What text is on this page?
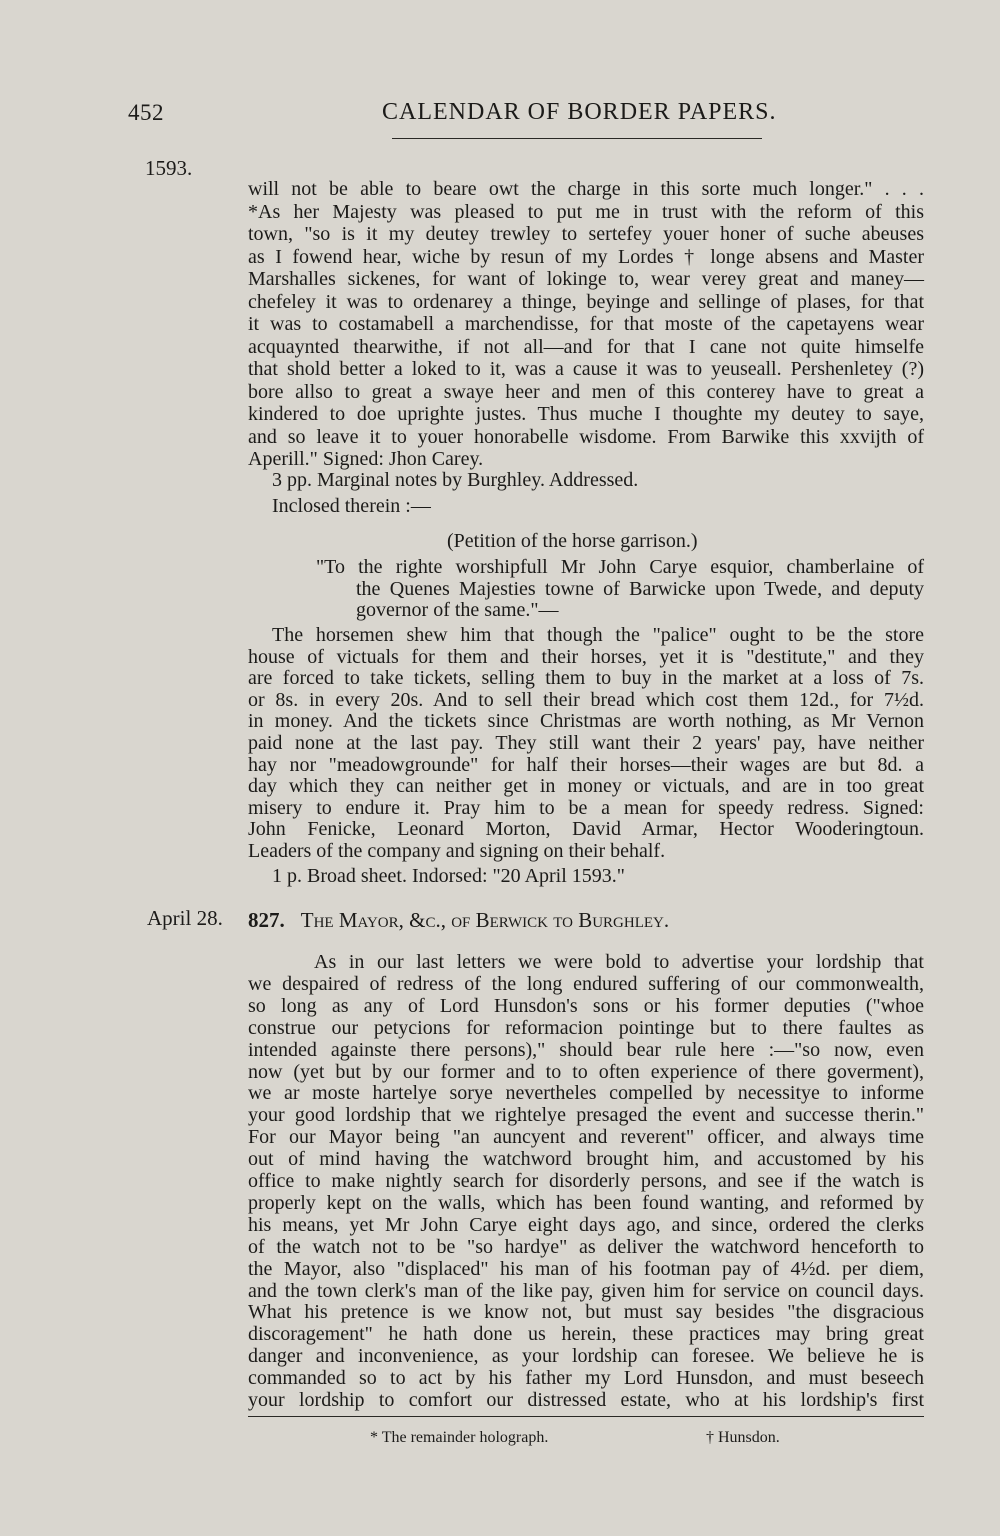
452	CALENDAR OF BORDER PAPERS.
1593.
April 28.
will not be able to beare owt the charge in this sorte much longer." . . .
*As her Majesty was pleased to put me in trust with the reform of this
town, "so is it my deutey trewley to sertefey youer honer of suche abeuses
as I fowend hear, wiche by resun of my Lordes † longe absens and Master
Marshalles sickenes, for want of lokinge to, wear verey great and maney—
chefeley it was to ordenarey a thinge, beyinge and sellinge of plases, for that
it was to costamabell a marchendisse, for that moste of the capetayens wear
acquaynted thearwithe, if not all—and for that I cane not quite himselfe
that shold better a loked to it, was a cause it was to yeuseall. Pershenletey (?)
bore allso to great a swaye heer and men of this conterey have to great a
kindered to doe uprighte justes. Thus muche I thoughte my deutey to saye,
and so leave it to youer honorabelle wisdome. From Barwike this xxvijth of
Aperill." Signed: Jhon Carey.
3 pp. Marginal notes by Burghley. Addressed.
Inclosed therein :—
(Petition of the horse garrison.)
"To the righte worshipfull Mr John Carye esquior, chamberlaine of
the Quenes Majesties towne of Barwicke upon Twede, and deputy
governor of the same."—
The horsemen shew him that though the "palice" ought to be the store
house of victuals for them and their horses, yet it is "destitute," and they
are forced to take tickets, selling them to buy in the market at a loss of 7s.
or 8s. in every 20s. And to sell their bread which cost them 12d., for 7½d.
in money. And the tickets since Christmas are worth nothing, as Mr Vernon
paid none at the last pay. They still want their 2 years' pay, have neither
hay nor "meadowgrounde" for half their horses—their wages are but 8d. a
day which they can neither get in money or victuals, and are in too great
misery to endure it. Pray him to be a mean for speedy redress. Signed:
John Fenicke, Leonard Morton, David Armar, Hector Wooderingtoun.
Leaders of the company and signing on their behalf.
1 p. Broad sheet. Indorsed: "20 April 1593."
827. The Mayor, &c., of Berwick to Burghley.
As in our last letters we were bold to advertise your lordship that
we despaired of redress of the long endured suffering of our commonwealth,
so long as any of Lord Hunsdon's sons or his former deputies ("whoe
construe our petycions for reformacion pointinge but to there faultes as
intended againste there persons)," should bear rule here :—"so now, even
now (yet but by our former and to to often experience of there goverment),
we ar moste hartelye sorye nevertheles compelled by necessitye to informe
your good lordship that we rightelye presaged the event and successe therin."
For our Mayor being "an auncyent and reverent" officer, and always time
out of mind having the watchword brought him, and accustomed by his
office to make nightly search for disorderly persons, and see if the watch is
properly kept on the walls, which has been found wanting, and reformed by
his means, yet Mr John Carye eight days ago, and since, ordered the clerks
of the watch not to be "so hardye" as deliver the watchword henceforth to
the Mayor, also "displaced" his man of his footman pay of 4½d. per diem,
and the town clerk's man of the like pay, given him for service on council days.
What his pretence is we know not, but must say besides "the disgracious
discoragement" he hath done us herein, these practices may bring great
danger and inconvenience, as your lordship can foresee. We believe he is
commanded so to act by his father my Lord Hunsdon, and must beseech
your lordship to comfort our distressed estate, who at his lordship's first
* The remainder holograph.	† Hunsdon.
